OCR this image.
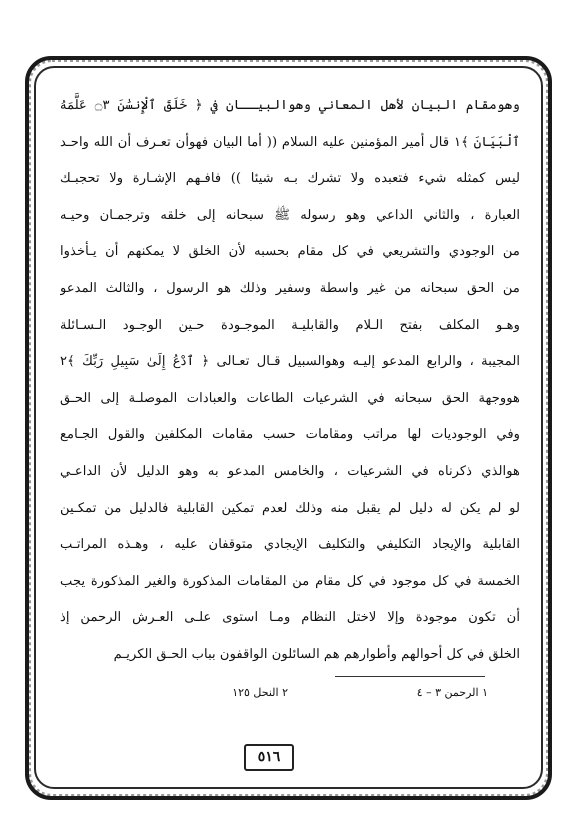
وهومقام البيان لأهل المعاني وهوالبيــان في ﴿ خَلَقَ ٱلْإِنسَٰنَ ۝٣ عَلَّمَهُ
ٱلْبَيَانَ ﴾١ قال أمير المؤمنين عليه السلام (( أما البيان فهوأن تعـرف أن الله واحـد
ليس كمثله شيء فتعبده ولا تشرك بـه شيئا )) فافـهم الإشـارة ولا تحجبـك
العبارة ، والثاني الداعي وهو رسوله ﷺ سبحانه إلى خلقه وترجمـان وحيـه
من الوجودي والتشريعي في كل مقام بحسبه لأن الخلق لا يمكنهم أن يـأخذوا
من الحق سبحانه من غير واسطة وسفير وذلك هو الرسول ، والثالث المدعو
وهـو المكلف بفتح الـلام والقابليـة الموجـودة حـين الوجـود الـسـائلة
المجيبة ، والرابع المدعو إليـه وهوالسبيل قـال تعـالى ﴿ ٱدْعُ إِلَىٰ سَبِيلِ رَبِّكَ ﴾٢
هووجهة الحق سبحانه في الشرعيات الطاعات والعبادات الموصلـة إلى الحـق
وفي الوجوديات لها مراتب ومقامات حسب مقامات المكلفين والقول الجـامع
هوالذي ذكرناه في الشرعيات ، والخامس المدعو به وهو الدليل لأن الداعـي
لو لم يكن له دليل لم يقبل منه وذلك لعدم تمكين القابلية فالدليل من تمكـين
القابلية والإيجاد التكليفي والتكليف الإيجادي متوقفان عليه ، وهـذه المراتـب
الخمسة في كل موجود في كل مقام من المقامات المذكورة والغير المذكورة يجب
أن تكون موجودة وإلا لاختل النظام ومـا استوى علـى العـرش الرحمن إذ
الخلق في كل أحوالهم وأطوارهم هم السائلون الواقفون بباب الحـق الكريـم
١ الرحمن ٣ – ٤
٢ النحل ١٢٥
٥١٦
